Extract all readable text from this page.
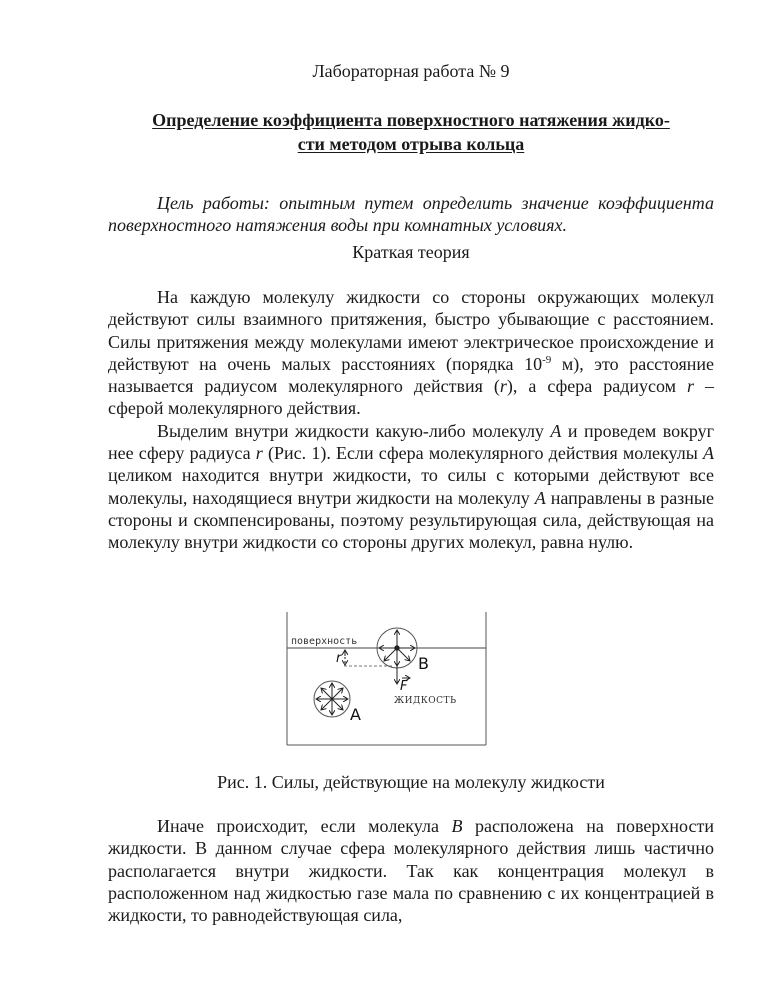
Лабораторная работа № 9
Определение коэффициента поверхностного натяжения жидко-
сти методом отрыва кольца

Цель работы: опытным путем определить значение коэффициента поверхностного натяжения воды при комнатных условиях.

Краткая теория

На каждую молекулу жидкости со стороны окружающих молекул действуют силы взаимного притяжения, быстро убывающие с расстоянием. Силы притяжения между молекулами имеют электрическое происхождение и действуют на очень малых расстояниях (порядка $10^{-9}$ м), это расстояние называется радиусом молекулярного действия (r), а сфера радиусом r – сферой молекулярного действия.

Выделим внутри жидкости какую-либо молекулу A и проведем вокруг нее сферу радиуса r (Рис. 1). Если сфера молекулярного действия молекулы A целиком находится внутри жидкости, то силы с которыми действуют все молекулы, находящиеся внутри жидкости на молекулу A направлены в разные стороны и скомпенсированы, поэтому результирующая сила, действующая на молекулу внутри жидкости со стороны других молекул, равна нулю.

Рис. 1. Силы, действующие на молекулу жидкости

Иначе происходит, если молекула B расположена на поверхности жидкости. В данном случае сфера молекулярного действия лишь частично располагается внутри жидкости. Так как концентрация молекул в расположенном над жидкостью газе мала по сравнению с их концентрацией в жидкости, то равнодействующая сила,

поверхность
B
F
r
A
ЖИДКОСТЬ
